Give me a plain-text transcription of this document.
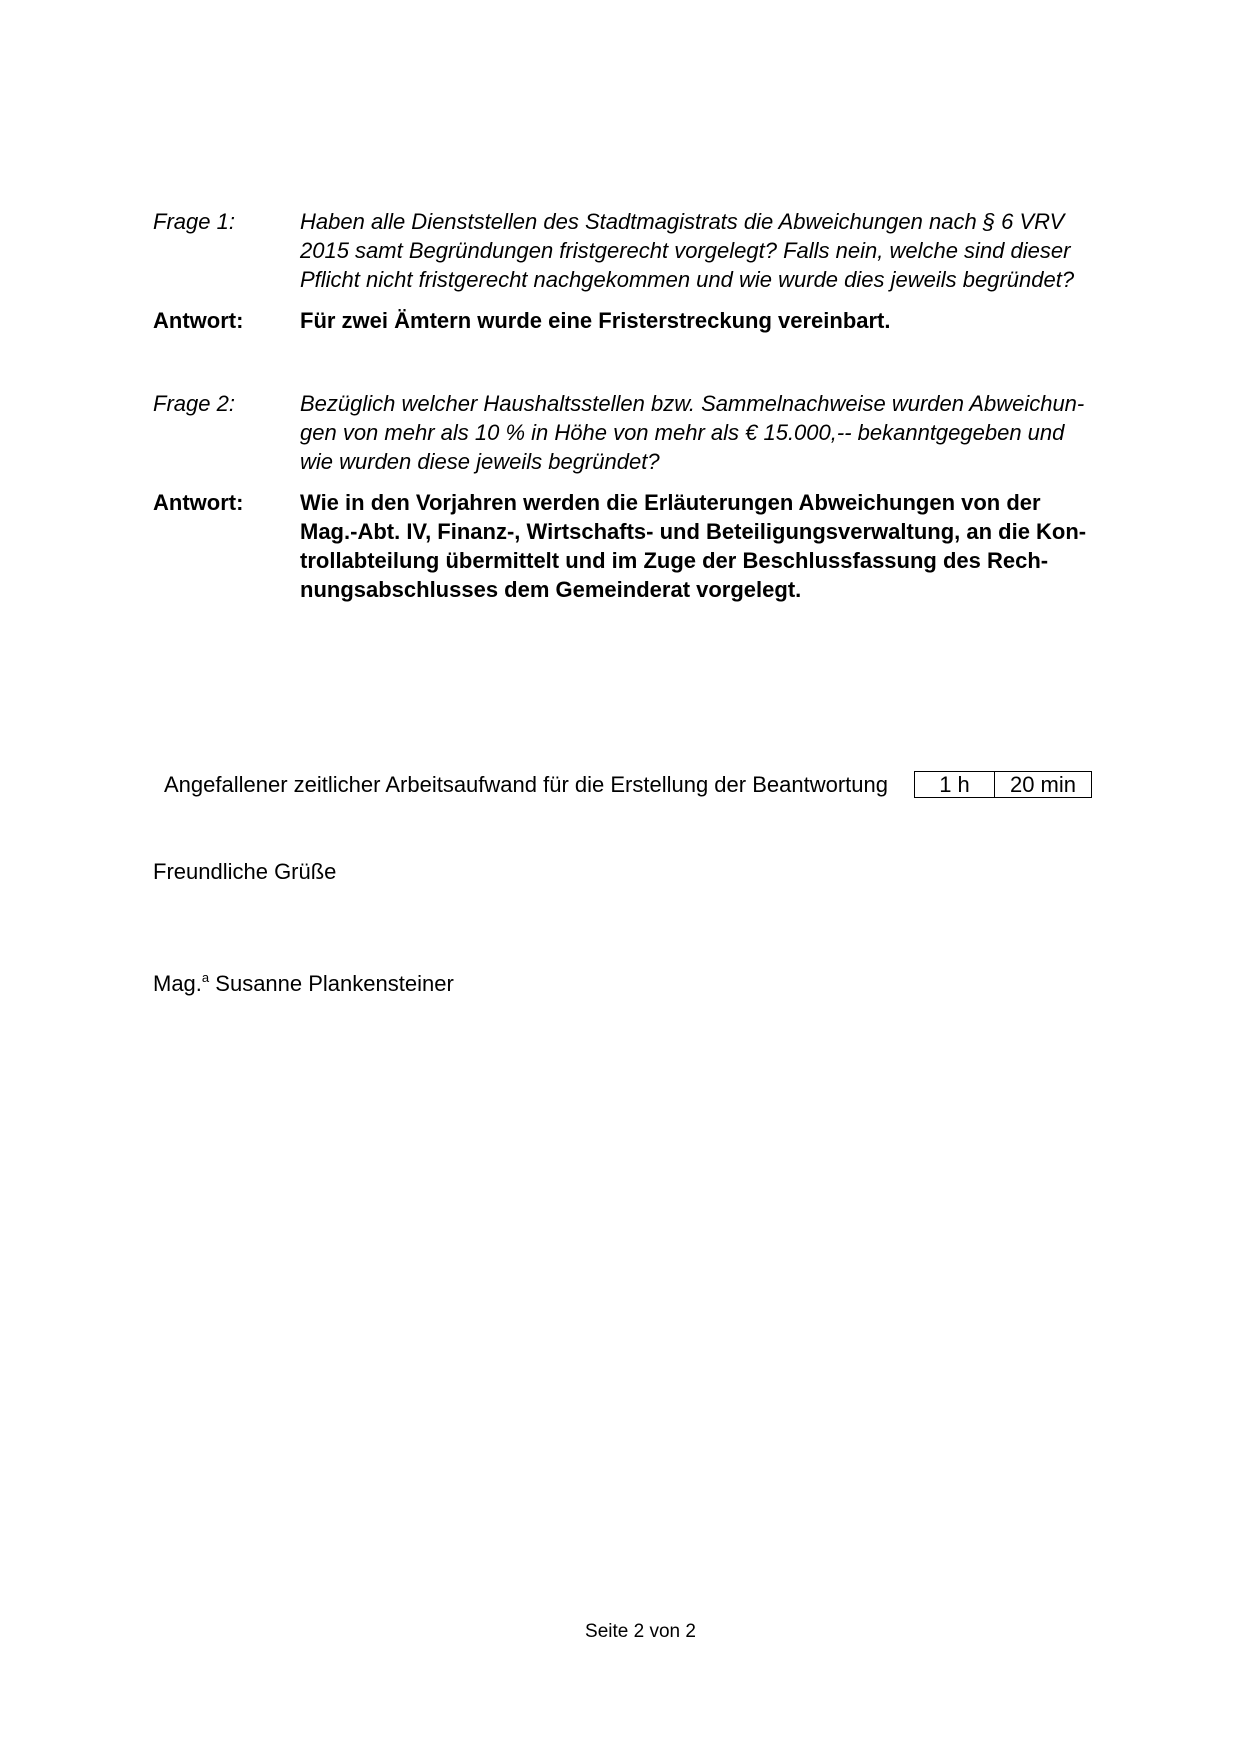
Frage 1:	Haben alle Dienststellen des Stadtmagistrats die Abweichungen nach § 6 VRV
2015 samt Begründungen fristgerecht vorgelegt? Falls nein, welche sind dieser
Pflicht nicht fristgerecht nachgekommen und wie wurde dies jeweils begründet?
Antwort:	Für zwei Ämtern wurde eine Fristerstreckung vereinbart.
Frage 2:	Bezüglich welcher Haushaltsstellen bzw. Sammelnachweise wurden Abweichun-
gen von mehr als 10 % in Höhe von mehr als € 15.000,-- bekanntgegeben und
wie wurden diese jeweils begründet?
Antwort:	Wie in den Vorjahren werden die Erläuterungen Abweichungen von der
Mag.-Abt. IV, Finanz-, Wirtschafts- und Beteiligungsverwaltung, an die Kon-
trollabteilung übermittelt und im Zuge der Beschlussfassung des Rech-
nungsabschlusses dem Gemeinderat vorgelegt.
Angefallener zeitlicher Arbeitsaufwand für die Erstellung der Beantwortung 1 h	20 min
Freundliche Grüße
Mag.$^a$ Susanne Plankensteiner
Seite 2 von 2
